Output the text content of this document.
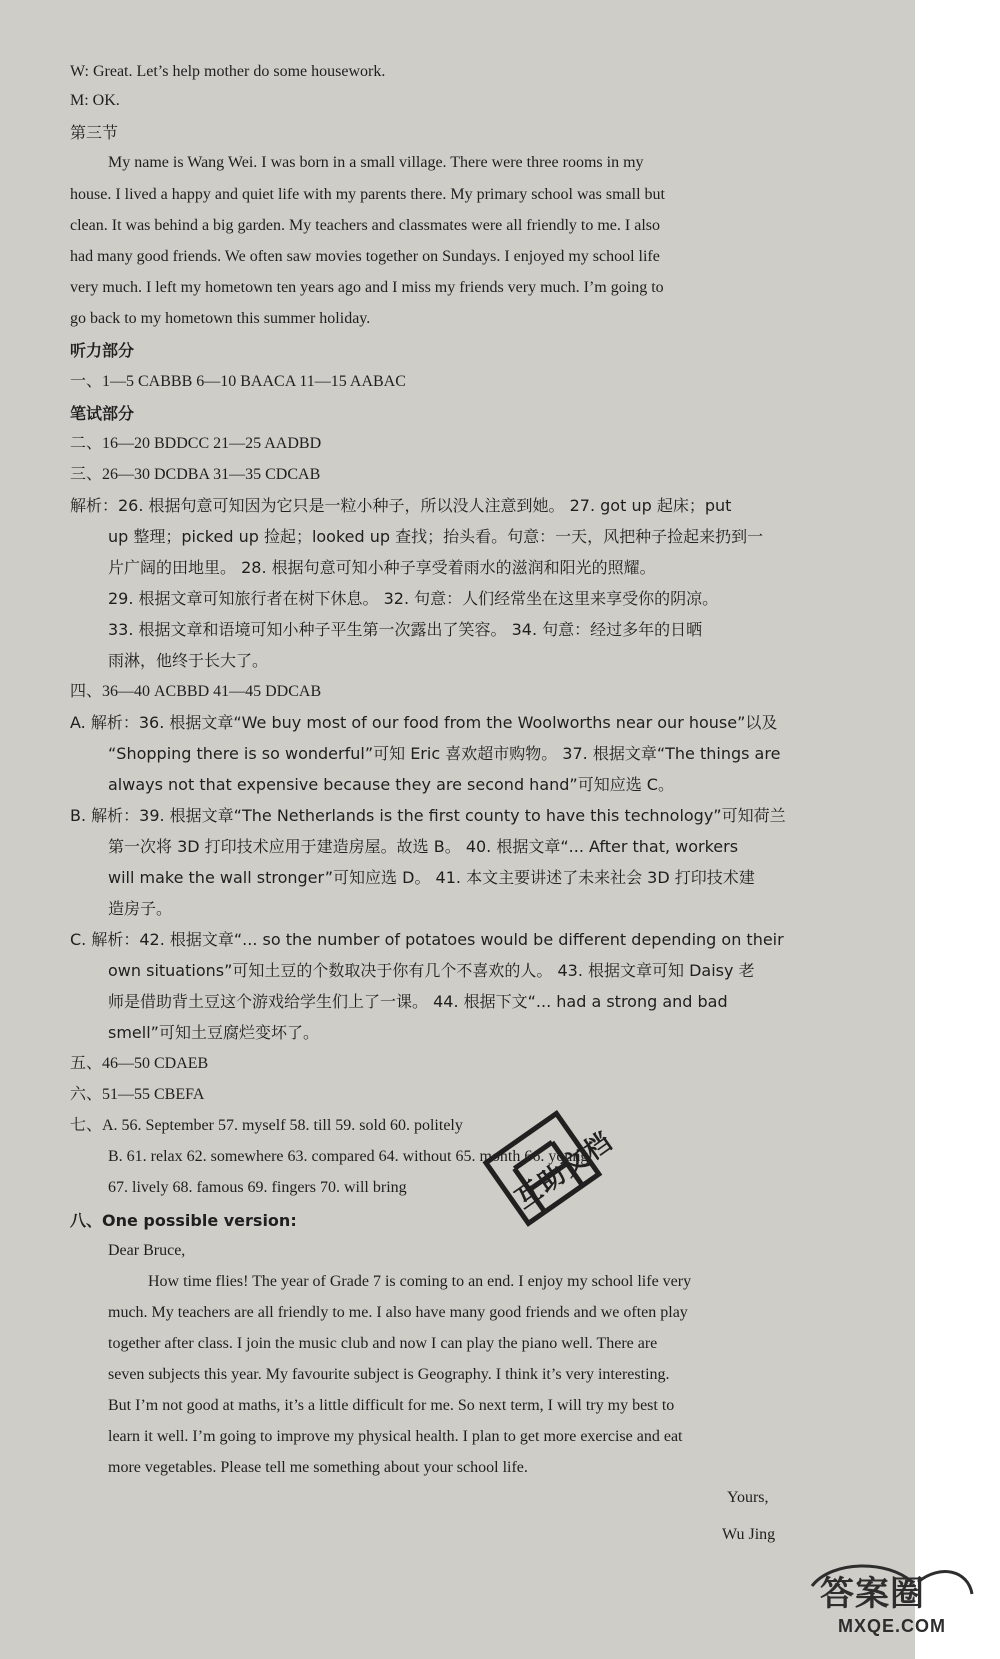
W: Great. Let’s help mother do some housework.
M: OK.
第三节
My name is Wang Wei. I was born in a small village. There were three rooms in my
house. I lived a happy and quiet life with my parents there. My primary school was small but
clean. It was behind a big garden. My teachers and classmates were all friendly to me. I also
had many good friends. We often saw movies together on Sundays. I enjoyed my school life
very much. I left my hometown ten years ago and I miss my friends very much. I’m going to
go back to my hometown this summer holiday.
听力部分
一、1—5 CABBB 6—10 BAACA 11—15 AABAC
笔试部分
二、16—20 BDDCC 21—25 AADBD
三、26—30 DCDBA 31—35 CDCAB
解析：26. 根据句意可知因为它只是一粒小种子，所以没人注意到她。 27. got up 起床；put
up 整理；picked up 捡起；looked up 查找；抬头看。句意：一天，风把种子捡起来扔到一
片广阔的田地里。 28. 根据句意可知小种子享受着雨水的滋润和阳光的照耀。
29. 根据文章可知旅行者在树下休息。 32. 句意：人们经常坐在这里来享受你的阴凉。
33. 根据文章和语境可知小种子平生第一次露出了笑容。 34. 句意：经过多年的日晒
雨淋，他终于长大了。
四、36—40 ACBBD 41—45 DDCAB
A. 解析：36. 根据文章“We buy most of our food from the Woolworths near our house”以及
“Shopping there is so wonderful”可知 Eric 喜欢超市购物。 37. 根据文章“The things are
always not that expensive because they are second hand”可知应选 C。
B. 解析：39. 根据文章“The Netherlands is the first county to have this technology”可知荷兰
第一次将 3D 打印技术应用于建造房屋。故选 B。 40. 根据文章“... After that, workers
will make the wall stronger”可知应选 D。 41. 本文主要讲述了未来社会 3D 打印技术建
造房子。
C. 解析：42. 根据文章“... so the number of potatoes would be different depending on their
own situations”可知土豆的个数取决于你有几个不喜欢的人。 43. 根据文章可知 Daisy 老
师是借助背土豆这个游戏给学生们上了一课。 44. 根据下文“... had a strong and bad
smell”可知土豆腐烂变坏了。
五、46—50 CDAEB
六、51—55 CBEFA
七、A. 56. September 57. myself 58. till 59. sold 60. politely
B. 61. relax 62. somewhere 63. compared 64. without 65. month 66. young
67. lively 68. famous 69. fingers 70. will bring
八、One possible version:
Dear Bruce,
How time flies! The year of Grade 7 is coming to an end. I enjoy my school life very
much. My teachers are all friendly to me. I also have many good friends and we often play
together after class. I join the music club and now I can play the piano well. There are
seven subjects this year. My favourite subject is Geography. I think it’s very interesting.
But I’m not good at maths, it’s a little difficult for me. So next term, I will try my best to
learn it well. I’m going to improve my physical health. I plan to get more exercise and eat
more vegetables. Please tell me something about your school life.
Yours,
Wu Jing
互助文档
答案圈
MXQE.COM
